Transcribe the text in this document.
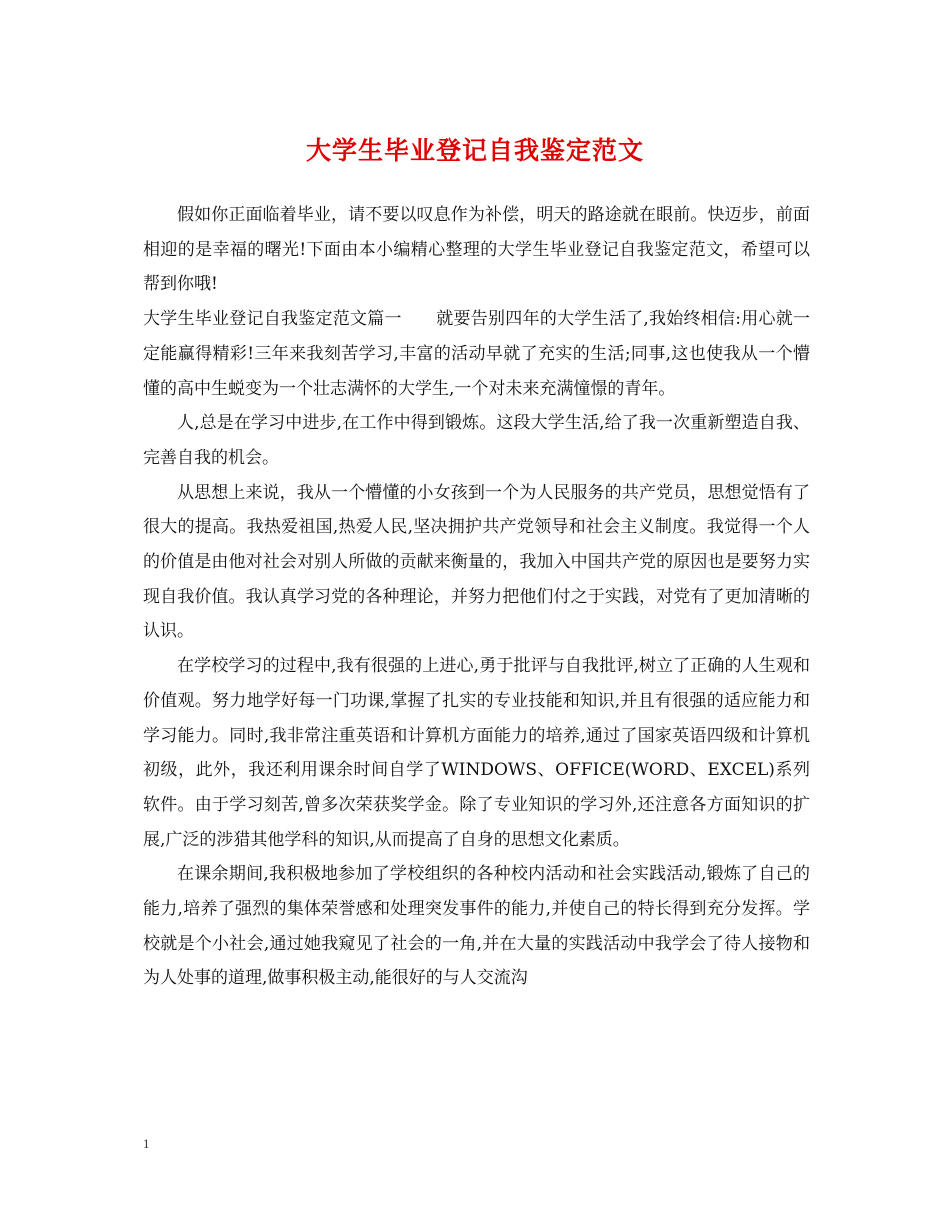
大学生毕业登记自我鉴定范文

假如你正面临着毕业，请不要以叹息作为补偿，明天的路途就在眼前。快迈步，前面相迎的是幸福的曙光!下面由本小编精心整理的大学生毕业登记自我鉴定范文，希望可以帮到你哦!

大学生毕业登记自我鉴定范文篇一　　就要告别四年的大学生活了,我始终相信:用心就一定能赢得精彩!三年来我刻苦学习,丰富的活动早就了充实的生活;同事,这也使我从一个懵懂的高中生蜕变为一个壮志满怀的大学生,一个对未来充满憧憬的青年。

人,总是在学习中进步,在工作中得到锻炼。这段大学生活,给了我一次重新塑造自我、完善自我的机会。

从思想上来说，我从一个懵懂的小女孩到一个为人民服务的共产党员，思想觉悟有了很大的提高。我热爱祖国,热爱人民,坚决拥护共产党领导和社会主义制度。我觉得一个人的价值是由他对社会对别人所做的贡献来衡量的，我加入中国共产党的原因也是要努力实现自我价值。我认真学习党的各种理论，并努力把他们付之于实践，对党有了更加清晰的认识。

在学校学习的过程中,我有很强的上进心,勇于批评与自我批评,树立了正确的人生观和价值观。努力地学好每一门功课,掌握了扎实的专业技能和知识,并且有很强的适应能力和学习能力。同时,我非常注重英语和计算机方面能力的培养,通过了国家英语四级和计算机初级，此外，我还利用课余时间自学了WINDOWS、OFFICE(WORD、EXCEL)系列软件。由于学习刻苦,曾多次荣获奖学金。除了专业知识的学习外,还注意各方面知识的扩展,广泛的涉猎其他学科的知识,从而提高了自身的思想文化素质。

在课余期间,我积极地参加了学校组织的各种校内活动和社会实践活动,锻炼了自己的能力,培养了强烈的集体荣誉感和处理突发事件的能力,并使自己的特长得到充分发挥。学校就是个小社会,通过她我窥见了社会的一角,并在大量的实践活动中我学会了待人接物和为人处事的道理,做事积极主动,能很好的与人交流沟

1
